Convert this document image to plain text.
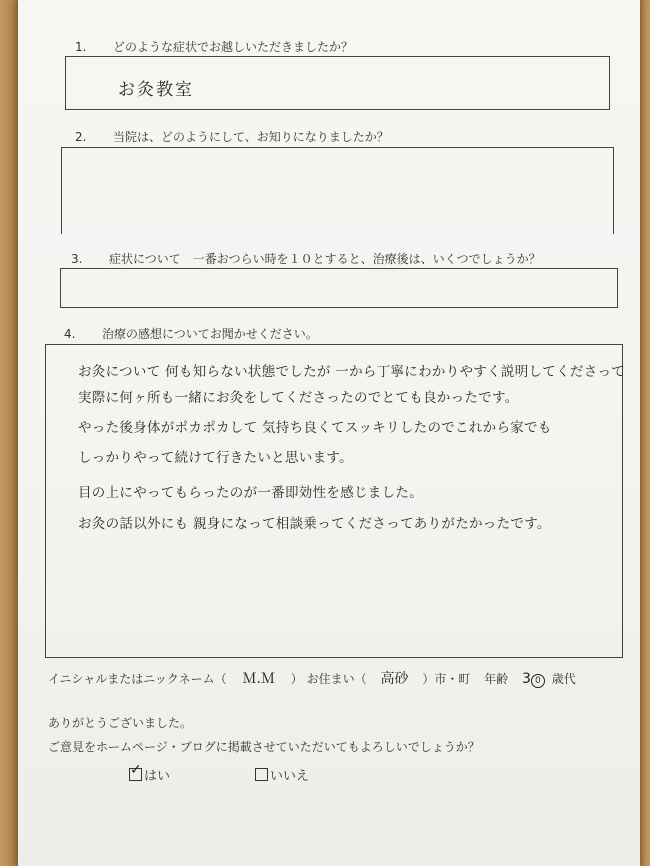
1. どのような症状でお越しいただきましたか？
お灸教室
2. 当院は、どのようにして、お知りになりましたか？
3. 症状について　一番おつらい時を１０とすると、治療後は、いくつでしょうか？
4. 治療の感想についてお聞かせください。
お灸について 何も知らない状態でしたが 一から丁寧にわかりやすく説明してくださって
実際に何ヶ所も一緒にお灸をしてくださったのでとても良かったです。
やった後身体がポカポカして 気持ち良くてスッキリしたのでこれから家でも
しっかりやって続けて行きたいと思います。
目の上にやってもらったのが一番即効性を感じました。
お灸の話以外にも 親身になって相談乗ってくださってありがたかったです。
イニシャルまたはニックネーム（ Ｍ.Ｍ ） お住まい（ 高砂 ）市・町 年齢 3 0 歳代
ありがとうございました。
ご意見をホームページ・ブログに掲載させていただいてもよろしいでしょうか？
✓ はい	いいえ
